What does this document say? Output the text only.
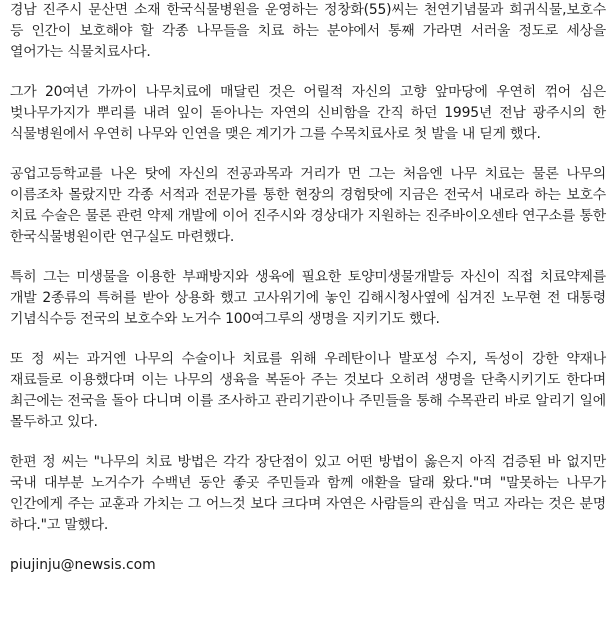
경남 진주시 문산면 소재 한국식물병원을 운영하는 정창화(55)씨는 천연기념물과 희귀식물,보호수 등 인간이 보호해야 할 각종 나무들을 치료 하는 분야에서 통째 가라면 서러울 정도로 세상을 열어가는 식물치료사다.

그가 20여년 가까이 나무치료에 매달린 것은 어릴적 자신의 고향 앞마당에 우연히 꺾어 심은 벚나무가지가 뿌리를 내려 잎이 돋아나는 자연의 신비함을 간직 하던 1995년 전남 광주시의 한 식물병원에서 우연히 나무와 인연을 맺은 계기가 그를 수목치료사로 첫 발을 내 딛게 했다.

공업고등학교를 나온 탓에 자신의 전공과목과 거리가 먼 그는 처음엔 나무 치료는 물론 나무의 이름조차 몰랐지만 각종 서적과 전문가를 통한 현장의 경험탓에 지금은 전국서 내로라 하는 보호수 치료 수술은 물론 관련 약제 개발에 이어 진주시와 경상대가 지원하는 진주바이오센타 연구소를 통한 한국식물병원이란 연구실도 마련했다.

특히 그는 미생물을 이용한 부패방지와 생육에 필요한 토양미생물개발등 자신이 직접 치료약제를 개발 2종류의 특허를 받아 상용화 했고 고사위기에 놓인 김해시청사옆에 심겨진 노무현 전 대통령 기념식수등 전국의 보호수와 노거수 100여그루의 생명을 지키기도 했다.

또 정 씨는 과거엔 나무의 수술이나 치료를 위해 우레탄이나 발포성 수지, 독성이 강한 약재나 재료들로 이용했다며 이는 나무의 생육을 복돋아 주는 것보다 오히려 생명을 단축시키기도 한다며 최근에는 전국을 돌아 다니며 이를 조사하고 관리기관이나 주민들을 통해 수목관리 바로 알리기 일에 몰두하고 있다.

한편 정 씨는 "나무의 치료 방법은 각각 장단점이 있고 어떤 방법이 옳은지 아직 검증된 바 없지만 국내 대부분 노거수가 수백년 동안 좋곳 주민들과 함께 애환을 달래 왔다."며 "말못하는 나무가 인간에게 주는 교훈과 가치는 그 어느것 보다 크다며 자연은 사람들의 관심을 먹고 자라는 것은 분명 하다."고 말했다.

piujinju@newsis.com
